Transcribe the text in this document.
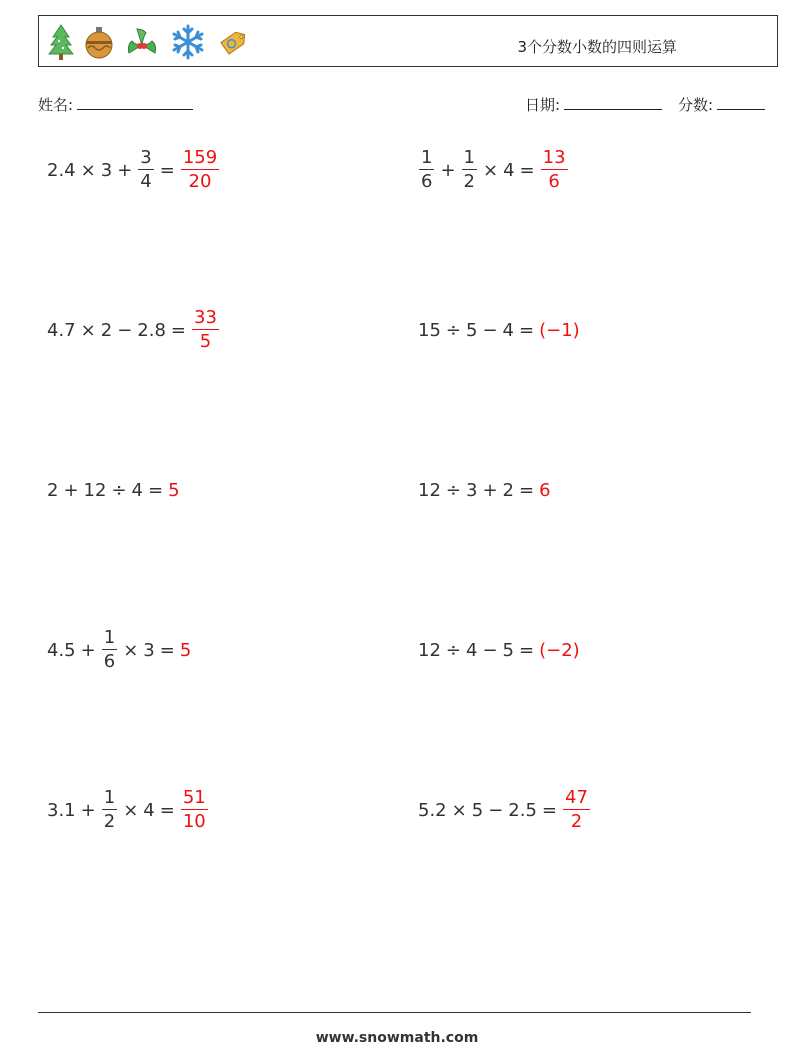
3个分数小数的四则运算
姓名:	日期:	分数:
$2.4 \times 3 + \frac{3}{4} = \frac{159}{20}$	$\frac{1}{6} + \frac{1}{2} \times 4 = \frac{13}{6}$
$4.7 \times 2 - 2.8 = \frac{33}{5}$	15 ÷ 5 − 4 = (−1)
2 + 12 ÷ 4 = 5	12 ÷ 3 + 2 = 6
$4.5 + \frac{1}{6} \times 3 = 5$	12 ÷ 4 − 5 = (−2)
$3.1 + \frac{1}{2} \times 4 = \frac{51}{10}$	$5.2 \times 5 - 2.5 = \frac{47}{2}$
www.snowmath.com
